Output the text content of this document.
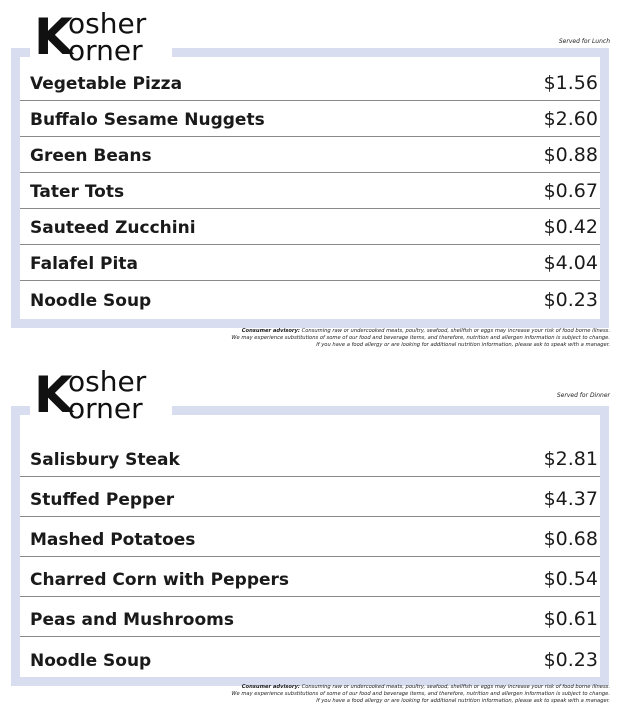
Vegetable Pizza	$1.56
Buffalo Sesame Nuggets	$2.60
Green Beans	$0.88
Tater Tots	$0.67
Sauteed Zucchini	$0.42
Falafel Pita	$4.04
Noodle Soup	$0.23
K
osher
orner	Served for Lunch
Consumer advisory: Consuming raw or undercooked meats, poultry, seafood, shellfish or eggs may increase your risk of food borne illness.
We may experience substitutions of some of our food and beverage items, and therefore, nutrition and allergen information is subject to change.
If you have a food allergy or are looking for additional nutrition information, please ask to speak with a manager.
Salisbury Steak	$2.81
Stuffed Pepper	$4.37
Mashed Potatoes	$0.68
Charred Corn with Peppers	$0.54
Peas and Mushrooms	$0.61
Noodle Soup	$0.23
K
osher
orner	Served for Dinner
Consumer advisory: Consuming raw or undercooked meats, poultry, seafood, shellfish or eggs may increase your risk of food borne illness.
We may experience substitutions of some of our food and beverage items, and therefore, nutrition and allergen information is subject to change.
If you have a food allergy or are looking for additional nutrition information, please ask to speak with a manager.
